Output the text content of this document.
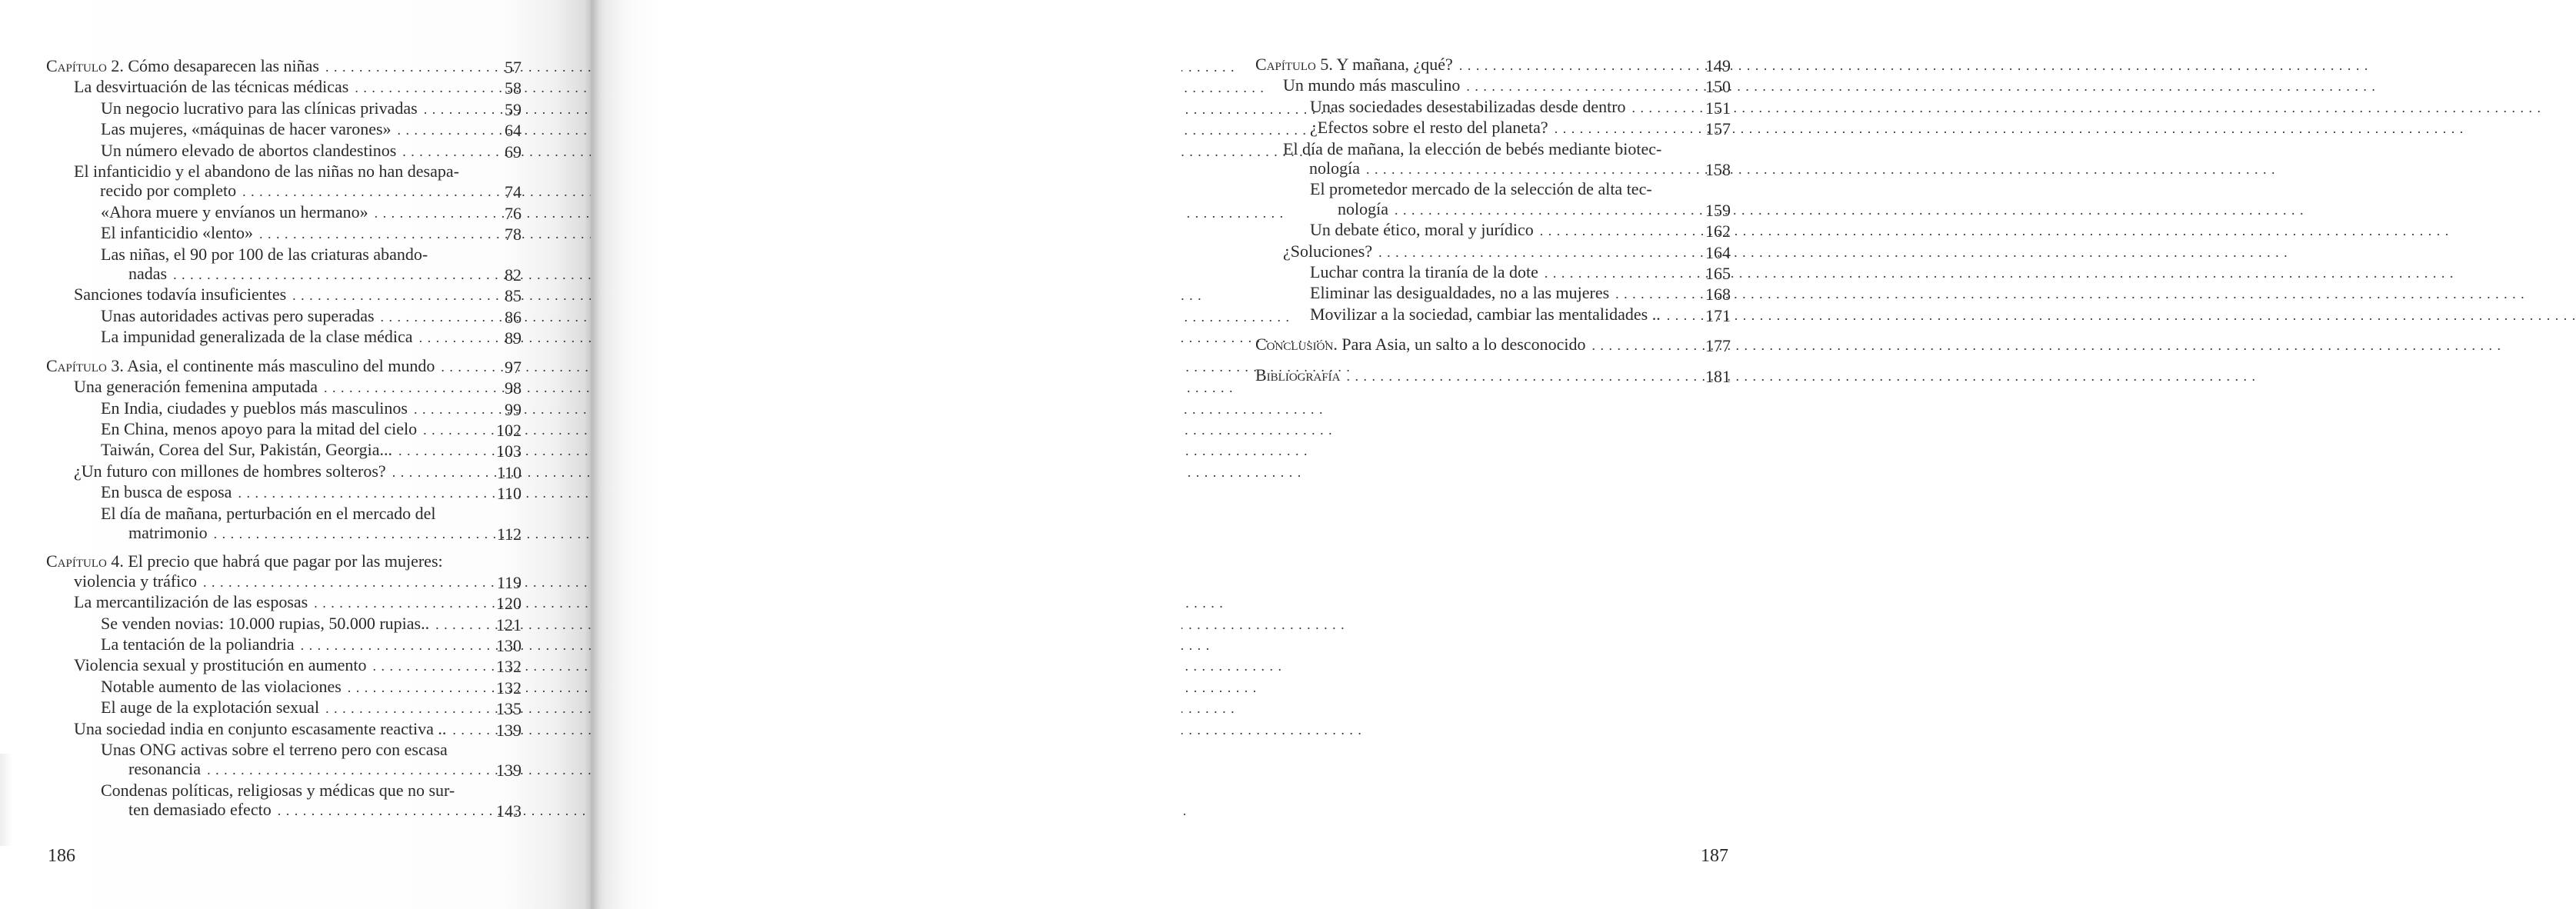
Capítulo 2. Cómo desaparecen las niñas . . .	57
La desvirtuación de las técnicas médicas . . .	58
Un negocio lucrativo para las clínicas privadas . . .	59
Las mujeres, «máquinas de hacer varones» . . .	64
Un número elevado de abortos clandestinos . . .	69
El infanticidio y el abandono de las niñas no han desapa-
recido por completo . . .	74
«Ahora muere y envíanos un hermano» . . .	76
El infanticidio «lento» . . .	78
Las niñas, el 90 por 100 de las criaturas abando-
nadas . . .	82
Sanciones todavía insuficientes . . .	85
Unas autoridades activas pero superadas . . .	86
La impunidad generalizada de la clase médica . . .	89
Capítulo 3. Asia, el continente más masculino del mundo . . .	97
Una generación femenina amputada . . .	98
En India, ciudades y pueblos más masculinos . . .	99
En China, menos apoyo para la mitad del cielo . . .	102
Taiwán, Corea del Sur, Pakistán, Georgia... . . .	103
¿Un futuro con millones de hombres solteros? . . .	110
En busca de esposa . . .	110
El día de mañana, perturbación en el mercado del
matrimonio . . .	112
Capítulo 4. El precio que habrá que pagar por las mujeres:
violencia y tráfico . . .	119
La mercantilización de las esposas . . .	120
Se venden novias: 10.000 rupias, 50.000 rupias.. . . .	121
La tentación de la poliandria . . .	130
Violencia sexual y prostitución en aumento . . .	132
Notable aumento de las violaciones . . .	132
El auge de la explotación sexual . . .	135
Una sociedad india en conjunto escasamente reactiva .. . . .	139
Unas ONG activas sobre el terreno pero con escasa
resonancia . . .	139
Condenas políticas, religiosas y médicas que no sur-
ten demasiado efecto . . .	143
186
Capítulo 5. Y mañana, ¿qué? . . .	149
Un mundo más masculino . . .	150
Unas sociedades desestabilizadas desde dentro . . .	151
¿Efectos sobre el resto del planeta? . . .	157
El día de mañana, la elección de bebés mediante biotec-
nología . . .	158
El prometedor mercado de la selección de alta tec-
nología . . .	159
Un debate ético, moral y jurídico . . .	162
¿Soluciones? . . .	164
Luchar contra la tiranía de la dote . . .	165
Eliminar las desigualdades, no a las mujeres . . .	168
Movilizar a la sociedad, cambiar las mentalidades .. . . .	171
Conclusión. Para Asia, un salto a lo desconocido . . .	177
Bibliografía . . .	181
187
